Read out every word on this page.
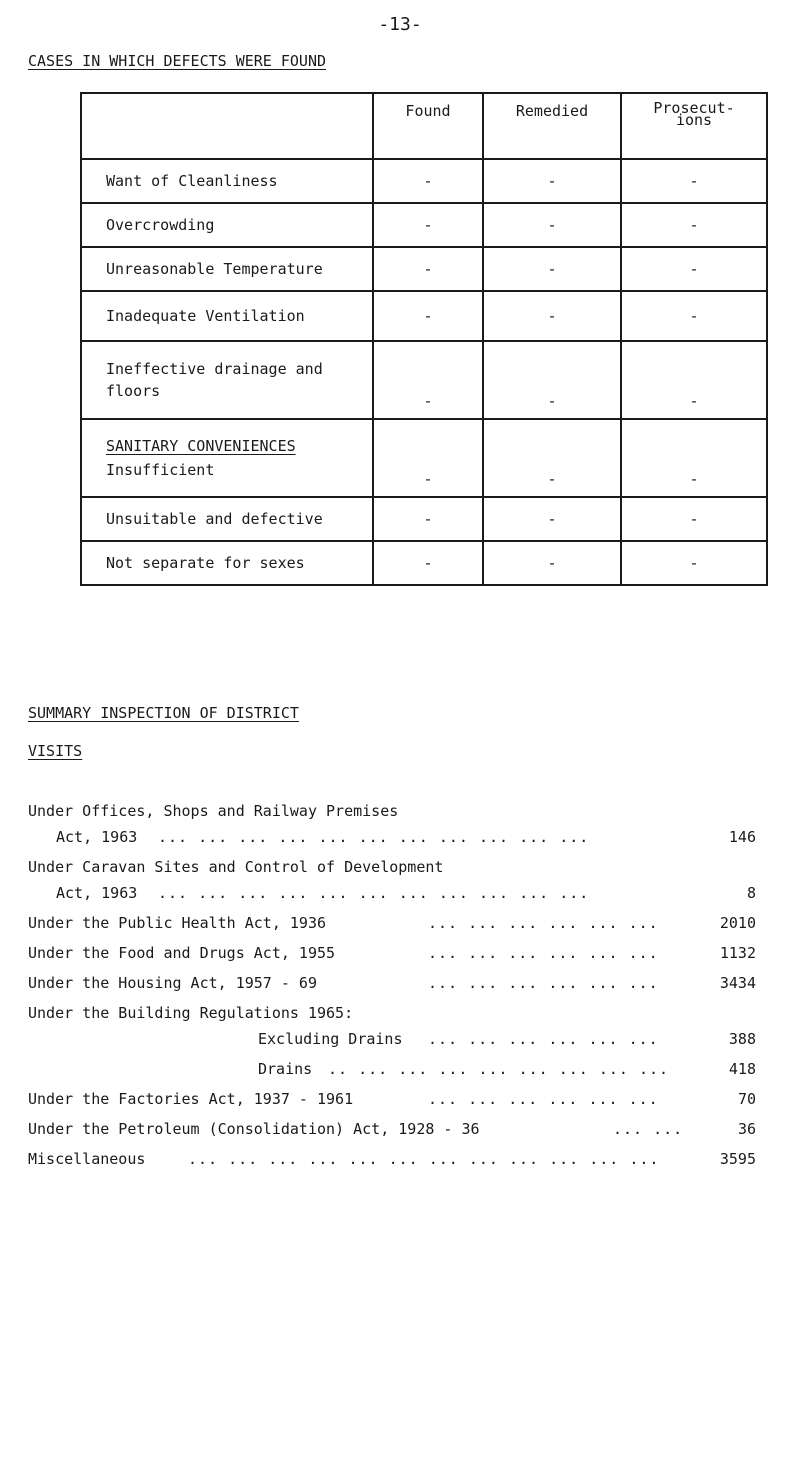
-13-
CASES IN WHICH DEFECTS WERE FOUND
	Found	Remedied	Prosecut-
ions
Want of Cleanliness	-	-	-
Overcrowding	-	-	-
Unreasonable Temperature	-	-	-
Inadequate Ventilation	-	-	-
Ineffective drainage and floors	-	-	-

SANITARY CONVENIENCES
Insufficient	-	-	-
Unsuitable and defective	-	-	-
Not separate for sexes	-	-	-
SUMMARY INSPECTION OF DISTRICT
VISITS
Under Offices, Shops and Railway Premises
Act, 1963 ... ... ... ... ... ... ... ... ... ... ...	146
Under Caravan Sites and Control of Development
Act, 1963 ... ... ... ... ... ... ... ... ... ... ...	8
Under the Public Health Act, 1936	... ... ... ... ... ...	2010
Under the Food and Drugs Act, 1955	... ... ... ... ... ...	1132
Under the Housing Act, 1957 - 69	... ... ... ... ... ...	3434
Under the Building Regulations 1965:
Excluding Drains ... ... ... ... ... ...	388
Drains .. ... ... ... ... ... ... ... ...	418
Under the Factories Act, 1937 - 1961	... ... ... ... ... ...	70
Under the Petroleum (Consolidation) Act, 1928 - 36	... ...	36
Miscellaneous	... ... ... ... ... ... ... ... ... ... ... ...	3595
